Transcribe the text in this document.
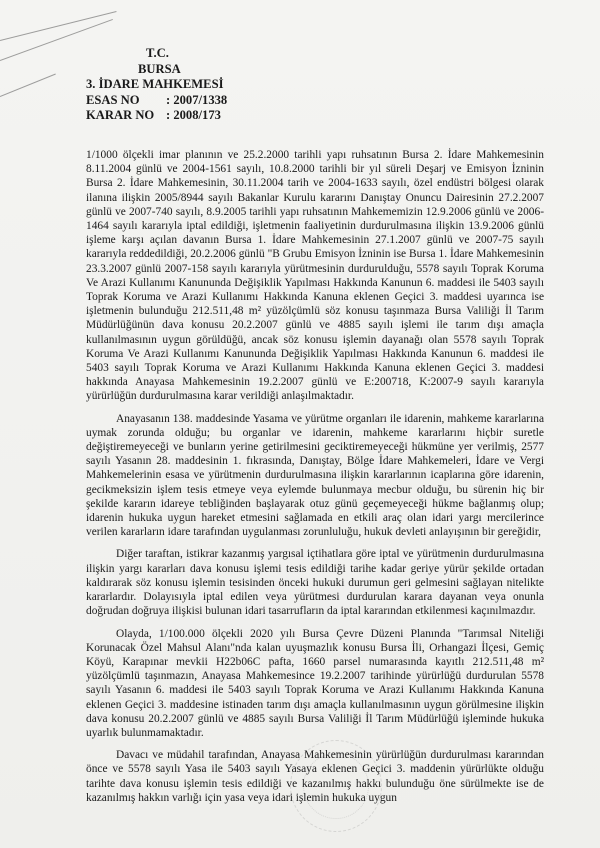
T.C.
BURSA
3. İDARE MAHKEMESİ
ESAS NO	: 2007/1338
KARAR NO : 2008/173

1/1000 ölçekli imar planının ve 25.2.2000 tarihli yapı ruhsatının Bursa 2. İdare Mahkemesinin 8.11.2004 günlü ve 2004-1561 sayılı, 10.8.2000 tarihli bir yıl süreli Deşarj ve Emisyon İzninin Bursa 2. İdare Mahkemesinin, 30.11.2004 tarih ve 2004-1633 sayılı, özel endüstri bölgesi olarak ilanına ilişkin 2005/8944 sayılı Bakanlar Kurulu kararını Danıştay Onuncu Dairesinin 27.2.2007 günlü ve 2007-740 sayılı, 8.9.2005 tarihli yapı ruhsatının Mahkememizin 12.9.2006 günlü ve 2006-1464 sayılı kararıyla iptal edildiği, işletmenin faaliyetinin durdurulmasına ilişkin 13.9.2006 günlü işleme karşı açılan davanın Bursa 1. İdare Mahkemesinin 27.1.2007 günlü ve 2007-75 sayılı kararıyla reddedildiği, 20.2.2006 günlü "B Grubu Emisyon İzninin ise Bursa 1. İdare Mahkemesinin 23.3.2007 günlü 2007-158 sayılı kararıyla yürütmesinin durdurulduğu, 5578 sayılı Toprak Koruma Ve Arazi Kullanımı Kanununda Değişiklik Yapılması Hakkında Kanunun 6. maddesi ile 5403 sayılı Toprak Koruma ve Arazi Kullanımı Hakkında Kanuna eklenen Geçici 3. maddesi uyarınca ise işletmenin bulunduğu 212.511,48 m² yüzölçümlü söz konusu taşınmaza Bursa Valiliği İl Tarım Müdürlüğünün dava konusu 20.2.2007 günlü ve 4885 sayılı işlemi ile tarım dışı amaçla kullanılmasının uygun görüldüğü, ancak söz konusu işlemin dayanağı olan 5578 sayılı Toprak Koruma Ve Arazi Kullanımı Kanununda Değişiklik Yapılması Hakkında Kanunun 6. maddesi ile 5403 sayılı Toprak Koruma ve Arazi Kullanımı Hakkında Kanuna eklenen Geçici 3. maddesi hakkında Anayasa Mahkemesinin 19.2.2007 günlü ve E:200718, K:2007-9 sayılı kararıyla yürürlüğün durdurulmasına karar verildiği anlaşılmaktadır.

Anayasanın 138. maddesinde Yasama ve yürütme organları ile idarenin, mahkeme kararlarına uymak zorunda olduğu; bu organlar ve idarenin, mahkeme kararlarını hiçbir suretle değiştiremeyeceği ve bunların yerine getirilmesini geciktiremeyeceği hükmüne yer verilmiş, 2577 sayılı Yasanın 28. maddesinin 1. fıkrasında, Danıştay, Bölge İdare Mahkemeleri, İdare ve Vergi Mahkemelerinin esasa ve yürütmenin durdurulmasına ilişkin kararlarının icaplarına göre idarenin, gecikmeksizin işlem tesis etmeye veya eylemde bulunmaya mecbur olduğu, bu sürenin hiç bir şekilde kararın idareye tebliğinden başlayarak otuz günü geçemeyeceği hükme bağlanmış olup; idarenin hukuka uygun hareket etmesini sağlamada en etkili araç olan idari yargı mercilerince verilen kararların idare tarafından uygulanması zorunluluğu, hukuk devleti anlayışının bir gereğidir,

Diğer taraftan, istikrar kazanmış yargısal içtihatlara göre iptal ve yürütmenin durdurulmasına ilişkin yargı kararları dava konusu işlemi tesis edildiği tarihe kadar geriye yürür şekilde ortadan kaldırarak söz konusu işlemin tesisinden önceki hukuki durumun geri gelmesini sağlayan nitelikte kararlardır. Dolayısıyla iptal edilen veya yürütmesi durdurulan karara dayanan veya onunla doğrudan doğruya ilişkisi bulunan idari tasarrufların da iptal kararından etkilenmesi kaçınılmazdır.

Olayda, 1/100.000 ölçekli 2020 yılı Bursa Çevre Düzeni Planında "Tarımsal Niteliği Korunacak Özel Mahsul Alanı"nda kalan uyuşmazlık konusu Bursa İli, Orhangazi İlçesi, Gemiç Köyü, Karapınar mevkii H22b06C pafta, 1660 parsel numarasında kayıtlı 212.511,48 m² yüzölçümlü taşınmazın, Anayasa Mahkemesince 19.2.2007 tarihinde yürürlüğü durdurulan 5578 sayılı Yasanın 6. maddesi ile 5403 sayılı Toprak Koruma ve Arazi Kullanımı Hakkında Kanuna eklenen Geçici 3. maddesine istinaden tarım dışı amaçla kullanılmasının uygun görülmesine ilişkin dava konusu 20.2.2007 günlü ve 4885 sayılı Bursa Valiliği İl Tarım Müdürlüğü işleminde hukuka uyarlık bulunmamaktadır.

Davacı ve müdahil tarafından, Anayasa Mahkemesinin yürürlüğün durdurulması kararından önce ve 5578 sayılı Yasa ile 5403 sayılı Yasaya eklenen Geçici 3. maddenin yürürlükte olduğu tarihte dava konusu işlemin tesis edildiği ve kazanılmış hakkı bulunduğu öne sürülmekte ise de kazanılmış hakkın varlığı için yasa veya idari işlemin hukuka uygun
